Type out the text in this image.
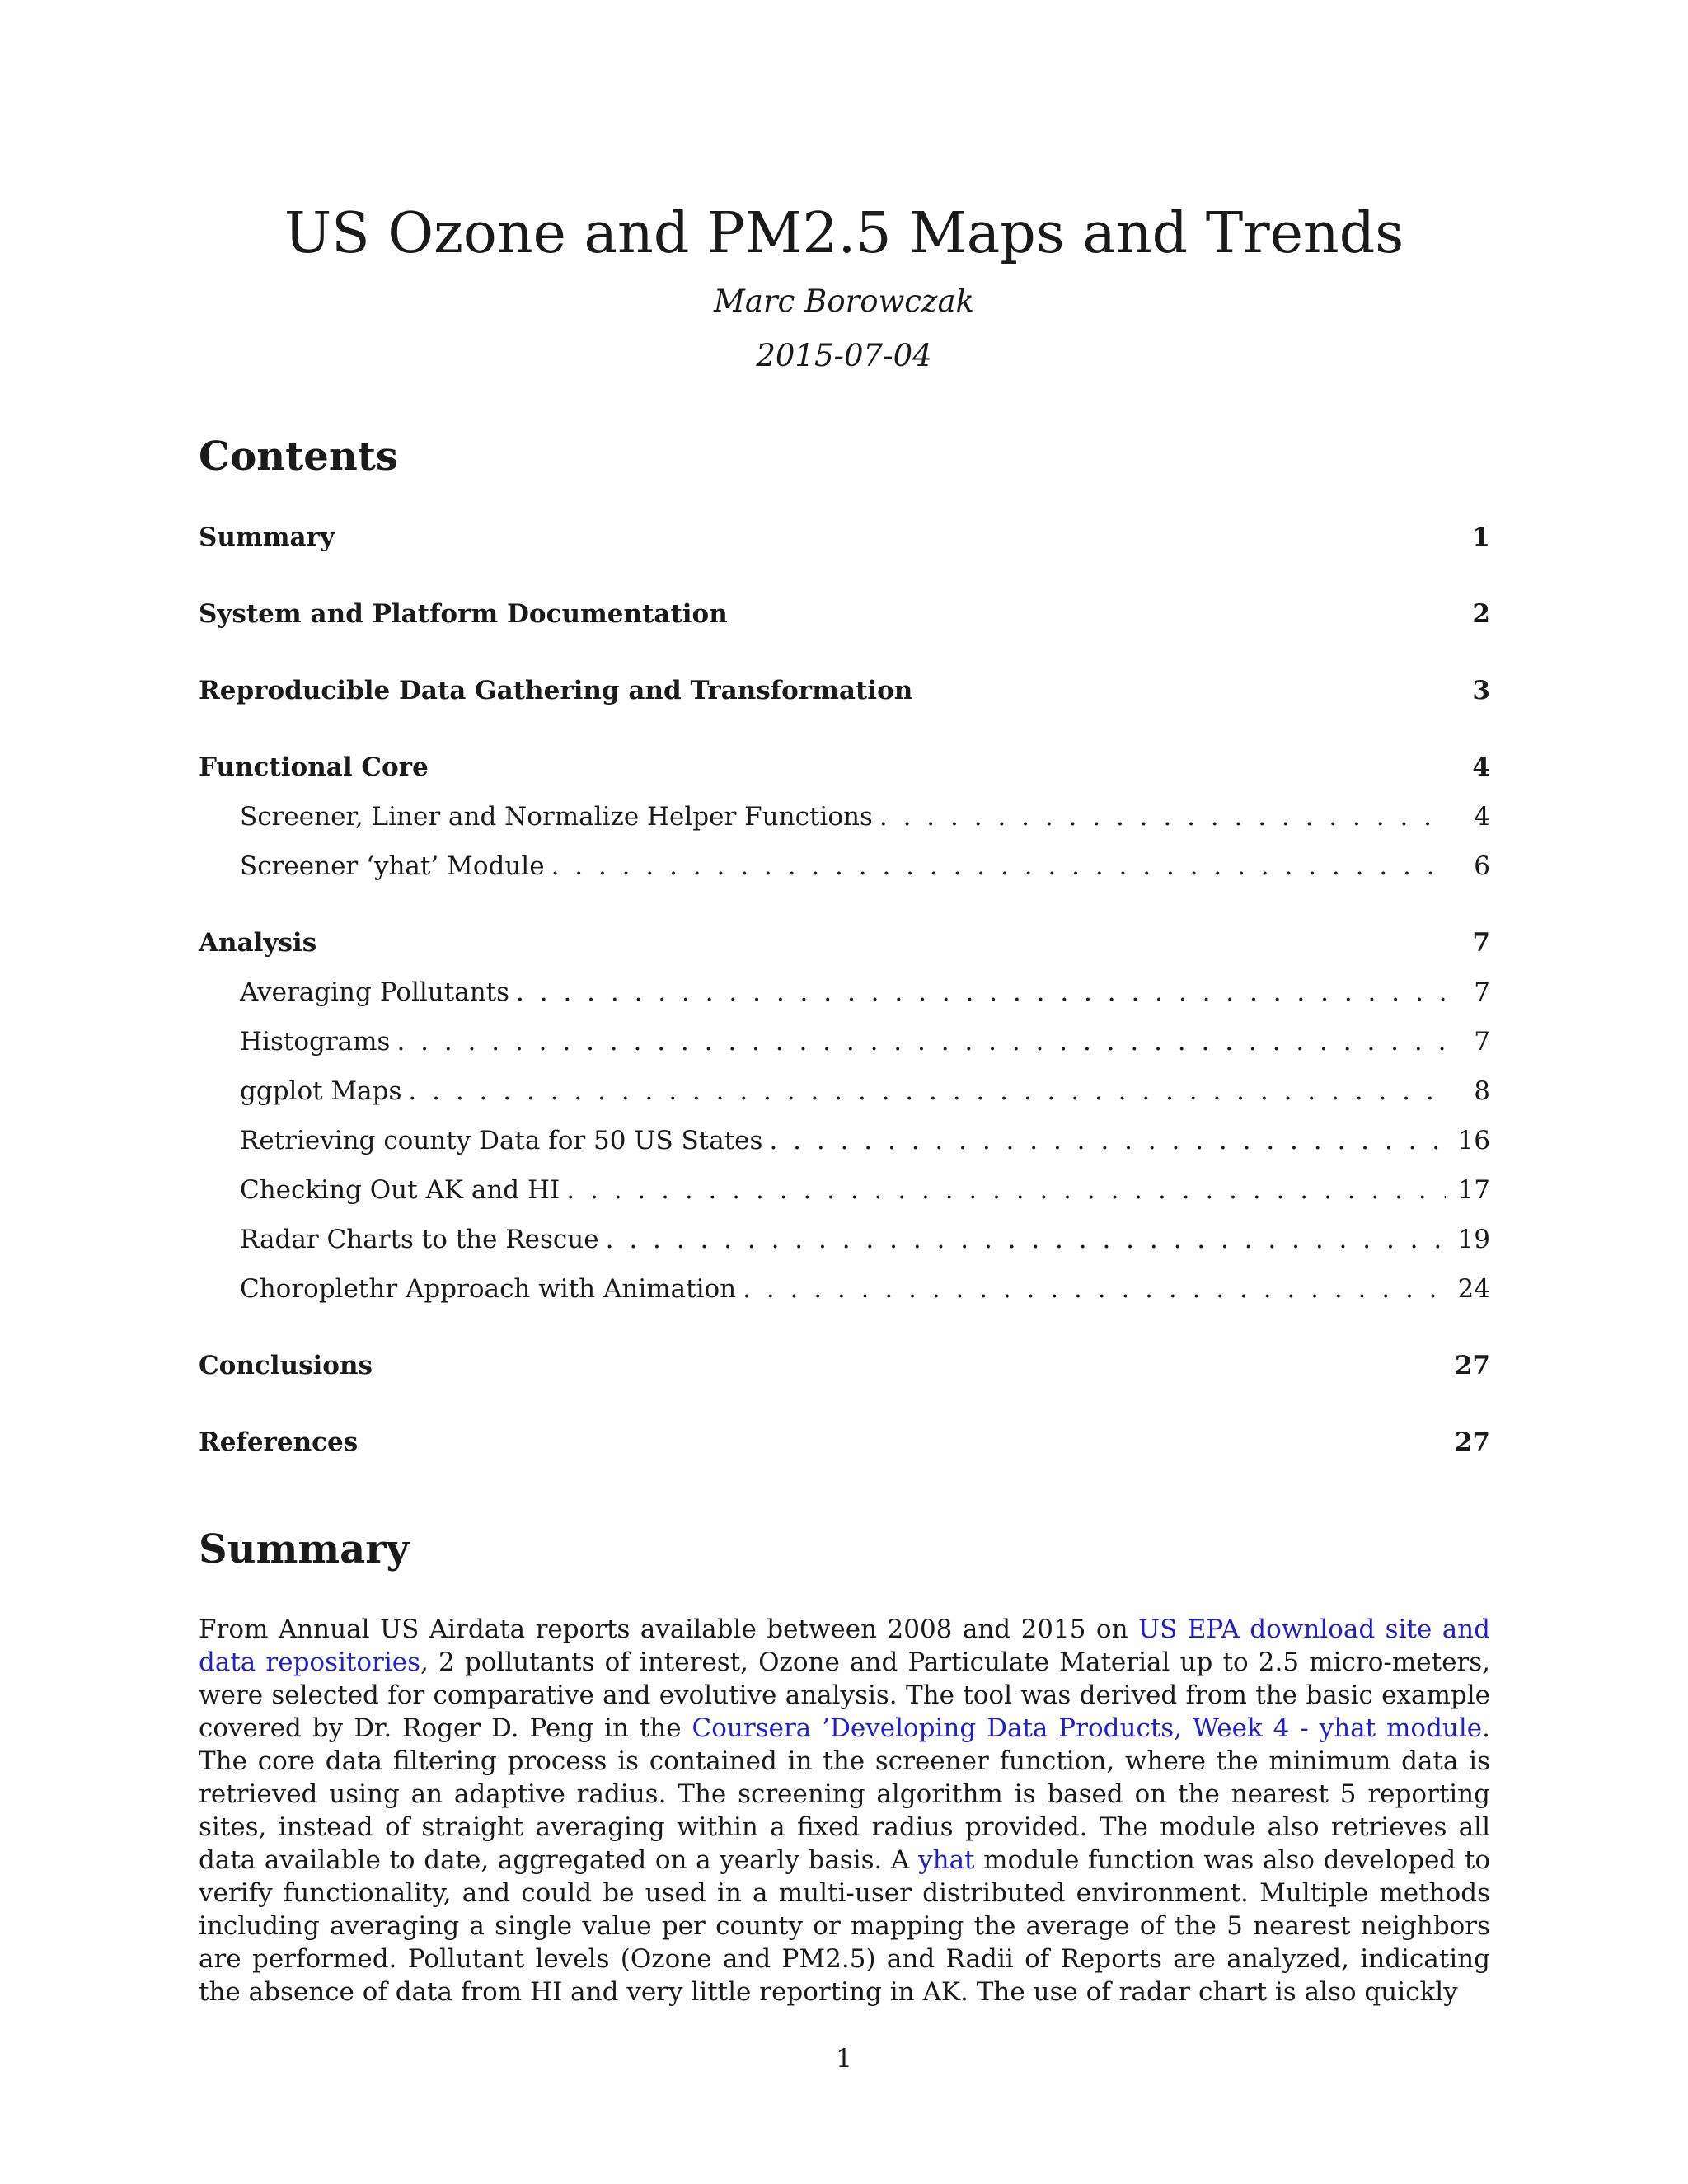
US Ozone and PM2.5 Maps and Trends
Marc Borowczak
2015-07-04
Contents
Summary	1
System and Platform Documentation	2
Reproducible Data Gathering and Transformation	3
Functional Core	4
Screener, Liner and Normalize Helper Functions . . .	4
Screener ‘yhat’ Module . . .	6
Analysis	7
Averaging Pollutants . . .	7
Histograms . . .	7
ggplot Maps . . .	8
Retrieving county Data for 50 US States . . .	16
Checking Out AK and HI . . .	17
Radar Charts to the Rescue . . .	19
Choroplethr Approach with Animation . . .	24
Conclusions	27
References	27
Summary

From Annual US Airdata reports available between 2008 and 2015 on US EPA download site and data repositories, 2 pollutants of interest, Ozone and Particulate Material up to 2.5 micro-meters, were selected for comparative and evolutive analysis. The tool was derived from the basic example covered by Dr. Roger D. Peng in the Coursera ’Developing Data Products, Week 4 - yhat module. The core data filtering process is contained in the screener function, where the minimum data is retrieved using an adaptive radius. The screening algorithm is based on the nearest 5 reporting sites, instead of straight averaging within a fixed radius provided. The module also retrieves all data available to date, aggregated on a yearly basis. A yhat module function was also developed to verify functionality, and could be used in a multi-user distributed environment. Multiple methods including averaging a single value per county or mapping the average of the 5 nearest neighbors are performed. Pollutant levels (Ozone and PM2.5) and Radii of Reports are analyzed, indicating the absence of data from HI and very little reporting in AK. The use of radar chart is also quickly

1
